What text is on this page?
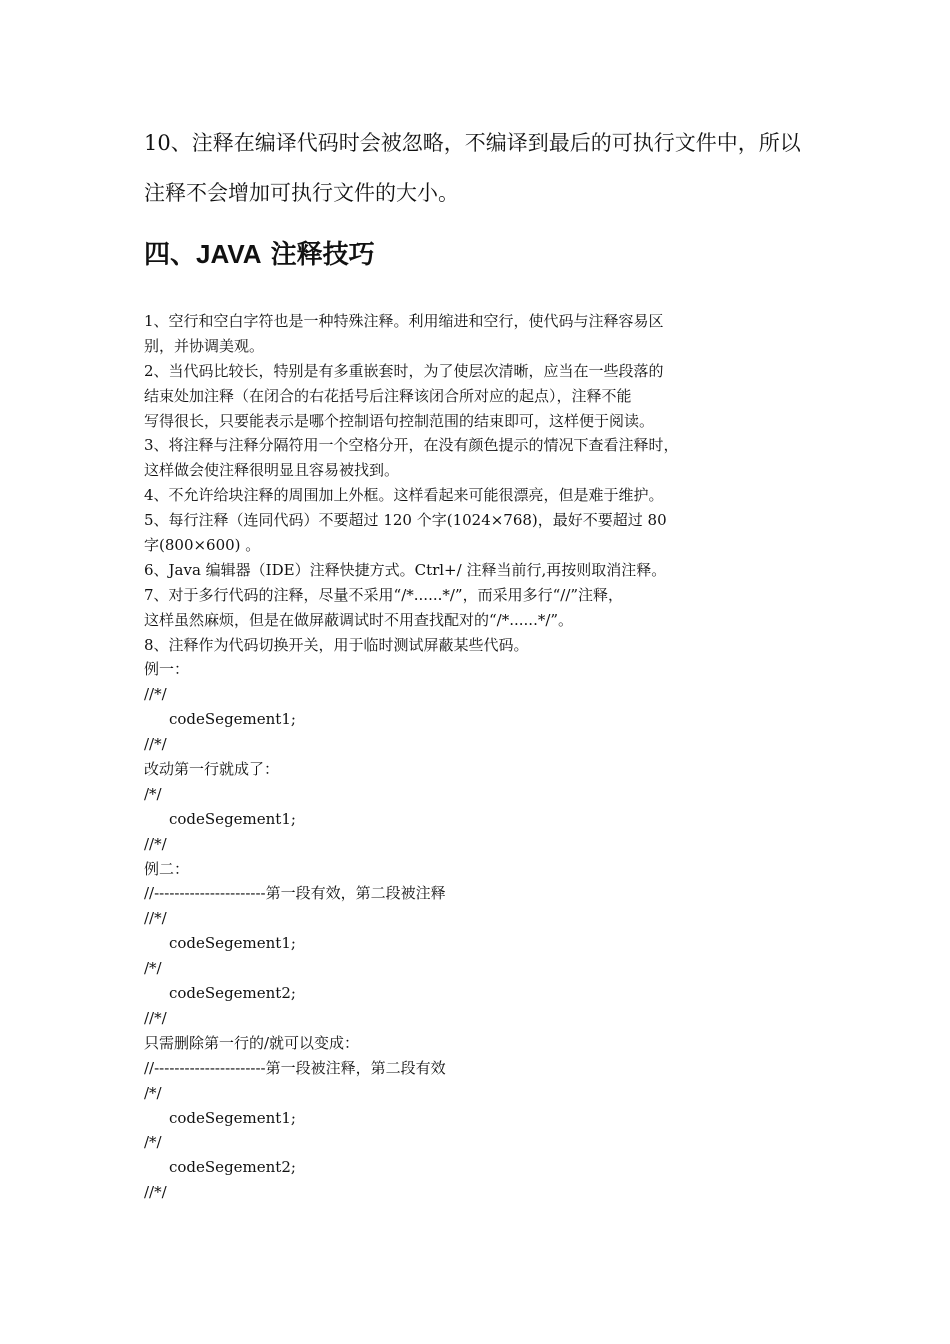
10、注释在编译代码时会被忽略，不编译到最后的可执行文件中，所以

注释不会增加可执行文件的大小。

四、JAVA 注释技巧
1、空行和空白字符也是一种特殊注释。利用缩进和空行，使代码与注释容易区
别，并协调美观。
2、当代码比较长，特别是有多重嵌套时，为了使层次清晰，应当在一些段落的
结束处加注释（在闭合的右花括号后注释该闭合所对应的起点），注释不能
写得很长，只要能表示是哪个控制语句控制范围的结束即可，这样便于阅读。
3、将注释与注释分隔符用一个空格分开，在没有颜色提示的情况下查看注释时，
这样做会使注释很明显且容易被找到。
4、不允许给块注释的周围加上外框。这样看起来可能很漂亮，但是难于维护。
5、每行注释（连同代码）不要超过 120 个字(1024×768)，最好不要超过 80
字(800×600) 。
6、Java 编辑器（IDE）注释快捷方式。Ctrl+/ 注释当前行,再按则取消注释。
7、对于多行代码的注释，尽量不采用“/*......*/”，而采用多行“//”注释，
这样虽然麻烦，但是在做屏蔽调试时不用查找配对的“/*......*/”。
8、注释作为代码切换开关，用于临时测试屏蔽某些代码。
例一：
//*/
codeSegement1;
//*/
改动第一行就成了：
/*/
codeSegement1;
//*/
例二：
//----------------------第一段有效，第二段被注释
//*/
codeSegement1;
/*/
codeSegement2;
//*/
只需删除第一行的/就可以变成：
//----------------------第一段被注释，第二段有效
/*/
codeSegement1;
/*/
codeSegement2;
//*/
